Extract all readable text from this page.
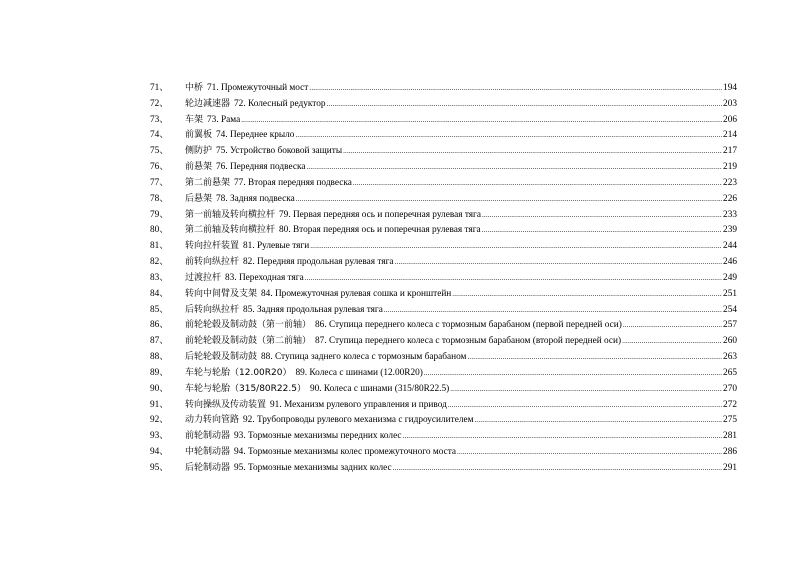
71、	中桥 71. Промежуточный мост .....	194
72、	轮边减速器 72. Колесный редуктор .....	203
73、	车架 73. Рама .....	206
74、	前翼板 74. Переднее крыло .....	214
75、	侧防护 75. Устройство боковой защиты .....	217
76、	前悬架 76. Передняя подвеска .....	219
77、	第二前悬架 77. Вторая передняя подвеска .....	223
78、	后悬架 78. Задняя подвеска .....	226
79、	第一前轴及转向横拉杆 79. Первая передняя ось и поперечная рулевая тяга .....	233
80、	第二前轴及转向横拉杆 80. Вторая передняя ось и поперечная рулевая тяга .....	239
81、	转向拉杆装置 81. Рулевые тяги .....	244
82、	前转向纵拉杆 82. Передняя продольная рулевая тяга .....	246
83、	过渡拉杆 83. Переходная тяга .....	249
84、	转向中间臂及支架 84. Промежуточная рулевая сошка и кронштейн .....	251
85、	后转向纵拉杆 85. Задняя продольная рулевая тяга .....	254
86、	前轮轮毂及制动鼓（第一前轴） 86. Ступица переднего колеса с тормозным барабаном (первой передней оси) .....	257
87、	前轮轮毂及制动鼓（第二前轴） 87. Ступица переднего колеса с тормозным барабаном (второй передней оси) .....	260
88、	后轮轮毂及制动鼓 88. Ступица заднего колеса с тормозным барабаном .....	263
89、	车轮与轮胎（12.00R20） 89. Колеса с шинами (12.00R20) .....	265
90、	车轮与轮胎（315/80R22.5） 90. Колеса с шинами (315/80R22.5) .....	270
91、	转向操纵及传动装置 91. Механизм рулевого управления и привод .....	272
92、	动力转向管路 92. Трубопроводы рулевого механизма с гидроусилителем .....	275
93、	前轮制动器 93. Тормозные механизмы передних колес .....	281
94、	中轮制动器 94. Тормозные механизмы колес промежуточного моста .....	286
95、	后轮制动器 95. Тормозные механизмы задних колес .....	291
